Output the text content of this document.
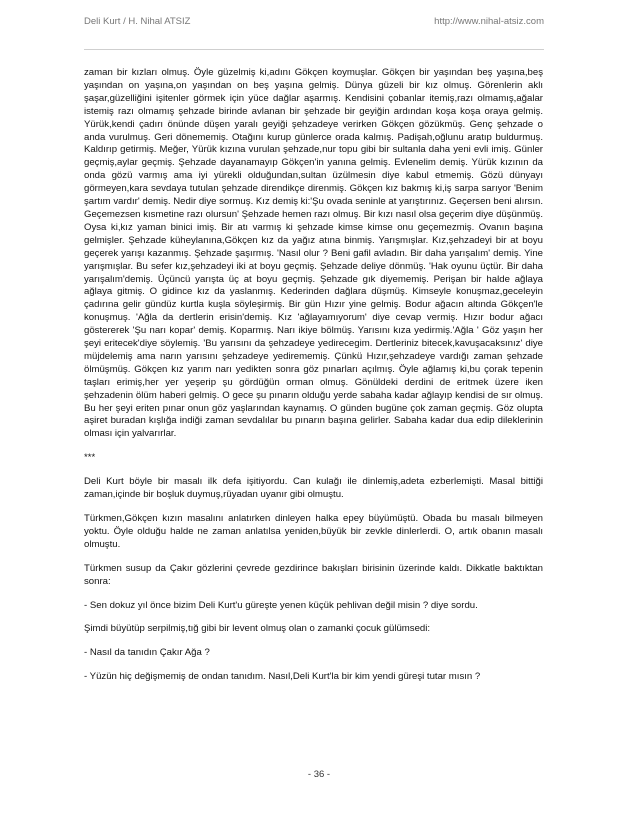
Deli Kurt / H. Nihal ATSIZ	http://www.nihal-atsiz.com

zaman bir kızları olmuş. Öyle güzelmiş ki,adını Gökçen koymuşlar. Gökçen bir yaşından beş yaşına,beş yaşından on yaşına,on yaşından on beş yaşına gelmiş. Dünya güzeli bir kız olmuş. Görenlerin aklı şaşar,güzelliğini işitenler görmek için yüce dağlar aşarmış. Kendisini çobanlar itemiş,razı olmamış,ağalar istemiş razı olmamış şehzade birinde avlanan bir şehzade bir geyiğin ardından koşa koşa oraya gelmiş. Yürük,kendi çadırı önünde düşen yaralı geyiği şehzadeye verirken Gökçen gözükmüş. Genç şehzade o anda vurulmuş. Geri dönememiş. Otağını kurup günlerce orada kalmış. Padişah,oğlunu aratıp buldurmuş. Kaldırıp getirmiş. Meğer, Yürük kızına vurulan şehzade,nur topu gibi bir sultanla daha yeni evli imiş. Günler geçmiş,aylar geçmiş. Şehzade dayanamayıp Gökçen'in yanına gelmiş. Evlenelim demiş. Yürük kızının da onda gözü varmış ama iyi yürekli olduğundan,sultan üzülmesin diye kabul etmemiş. Gözü dünyayı görmeyen,kara sevdaya tutulan şehzade direndikçe direnmiş. Gökçen kız bakmış ki,iş sarpa sarıyor 'Benim şartım vardır' demiş. Nedir diye sormuş. Kız demiş ki:'Şu ovada seninle at yarıştırınız. Geçersen beni alırsın. Geçemezsen kısmetine razı olursun' Şehzade hemen razı olmuş. Bir kızı nasıl olsa geçerim diye düşünmüş. Oysa ki,kız yaman binici imiş. Bir atı varmış ki şehzade kimse kimse onu geçemezmiş. Ovanın başına gelmişler. Şehzade küheylanına,Gökçen kız da yağız atına binmiş. Yarışmışlar. Kız,şehzadeyi bir at boyu geçerek yarışı kazanmış. Şehzade şaşırmış. 'Nasıl olur ? Beni gafil avladın. Bir daha yarışalım' demiş. Yine yarışmışlar. Bu sefer kız,şehzadeyi iki at boyu geçmiş. Şehzade deliye dönmüş. 'Hak oyunu üçtür. Bir daha yarışalım'demiş. Üçüncü yarışta üç at boyu geçmiş. Şehzade gık diyememiş. Perişan bir halde ağlaya ağlaya gitmiş. O gidince kız da yaslanmış. Kederinden dağlara düşmüş. Kimseyle konuşmaz,geceleyin çadırına gelir gündüz kurtla kuşla söyleşirmiş. Bir gün Hızır yine gelmiş. Bodur ağacın altında Gökçen'le konuşmuş. 'Ağla da dertlerin erisin'demiş. Kız 'ağlayamıyorum' diye cevap vermiş. Hızır bodur ağacı göstererek 'Şu narı kopar' demiş. Koparmış. Narı ikiye bölmüş. Yarısını kıza yedirmiş.'Ağla ' Göz yaşın her şeyi eritecek'diye söylemiş. 'Bu yarısını da şehzadeye yedirecegim. Dertleriniz bitecek,kavuşacaksınız' diye müjdelemiş ama narın yarısını şehzadeye yedirememiş. Çünkü Hızır,şehzadeye vardığı zaman şehzade ölmüşmüş. Gökçen kız yarım narı yedikten sonra göz pınarları açılmış. Öyle ağlamış ki,bu çorak tepenin taşları erimiş,her yer yeşerip şu gördüğün orman olmuş. Gönüldeki derdini de eritmek üzere iken şehzadenin ölüm haberi gelmiş. O gece şu pınarın olduğu yerde sabaha kadar ağlayıp kendisi de sır olmuş. Bu her şeyi eriten pınar onun göz yaşlarından kaynamış. O günden bugüne çok zaman geçmiş. Göz olupta aşiret buradan kışlığa indiği zaman sevdalılar bu pınarın başına gelirler. Sabaha kadar dua edip dileklerinin olması için yalvarırlar.

***

Deli Kurt böyle bir masalı ilk defa işitiyordu. Can kulağı ile dinlemiş,adeta ezberlemişti. Masal bittiği zaman,içinde bir boşluk duymuş,rüyadan uyanır gibi olmuştu.

Türkmen,Gökçen kızın masalını anlatırken dinleyen halka epey büyümüştü. Obada bu masalı bilmeyen yoktu. Öyle olduğu halde ne zaman anlatılsa yeniden,büyük bir zevkle dinlerlerdi. O, artık obanın masalı olmuştu.

Türkmen susup da Çakır gözlerini çevrede gezdirince bakışları birisinin üzerinde kaldı. Dikkatle baktıktan sonra:

- Sen dokuz yıl önce bizim Deli Kurt'u güreşte yenen küçük pehlivan değil misin ? diye sordu.

Şimdi büyütüp serpilmiş,tığ gibi bir levent olmuş olan o zamanki çocuk gülümsedi:

- Nasıl da tanıdın Çakır Ağa ?

- Yüzün hiç değişmemiş de ondan tanıdım. Nasıl,Deli Kurt'la bir kim yendi güreşi tutar mısın ?

- 36 -
